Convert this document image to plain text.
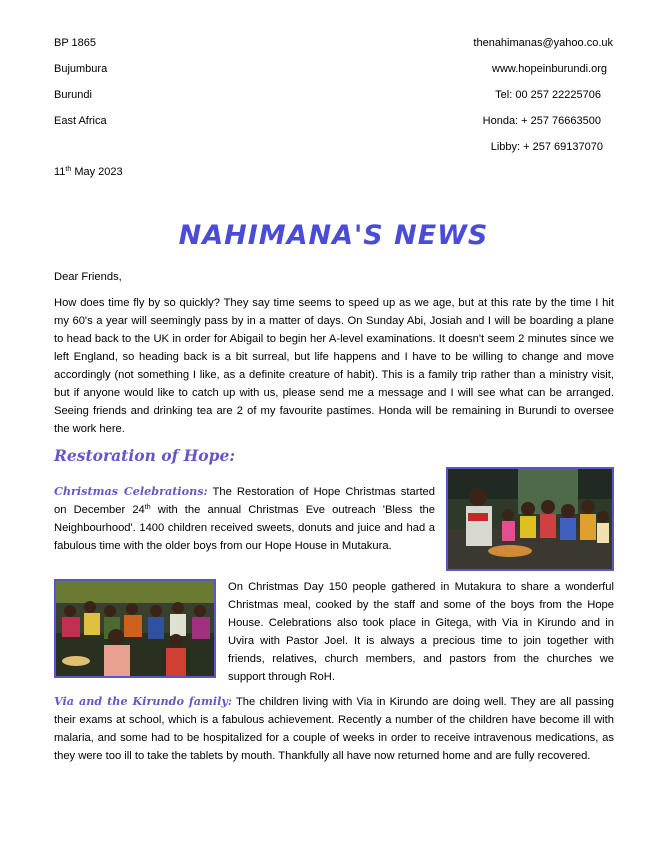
BP 1865
Bujumbura
Burundi
East Africa
thenahimanas@yahoo.co.uk
www.hopeinburundi.org
Tel: 00 257 22225706
Honda: + 257 76663500
Libby: + 257 69137070
11th May 2023
NAHIMANA'S NEWS
Dear Friends,
How does time fly by so quickly? They say time seems to speed up as we age, but at this rate by the time I hit my 60's a year will seemingly pass by in a matter of days. On Sunday Abi, Josiah and I will be boarding a plane to head back to the UK in order for Abigail to begin her A-level examinations. It doesn't seem 2 minutes since we left England, so heading back is a bit surreal, but life happens and I have to be willing to change and move accordingly (not something I like, as a definite creature of habit). This is a family trip rather than a ministry visit, but if anyone would like to catch up with us, please send me a message and I will see what can be arranged. Seeing friends and drinking tea are 2 of my favourite pastimes. Honda will be remaining in Burundi to oversee the work here.
Restoration of Hope:
Christmas Celebrations: The Restoration of Hope Christmas started on December 24th with the annual Christmas Eve outreach 'Bless the Neighbourhood'. 1400 children received sweets, donuts and juice and had a fabulous time with the older boys from our Hope House in Mutakura.
On Christmas Day 150 people gathered in Mutakura to share a wonderful Christmas meal, cooked by the staff and some of the boys from the Hope House. Celebrations also took place in Gitega, with Via in Kirundo and in Uvira with Pastor Joel. It is always a precious time to join together with friends, relatives, church members, and pastors from the churches we support through RoH.
Via and the Kirundo family: The children living with Via in Kirundo are doing well. They are all passing their exams at school, which is a fabulous achievement. Recently a number of the children have become ill with malaria, and some had to be hospitalized for a couple of weeks in order to receive intravenous medications, as they were too ill to take the tablets by mouth. Thankfully all have now returned home and are fully recovered.
